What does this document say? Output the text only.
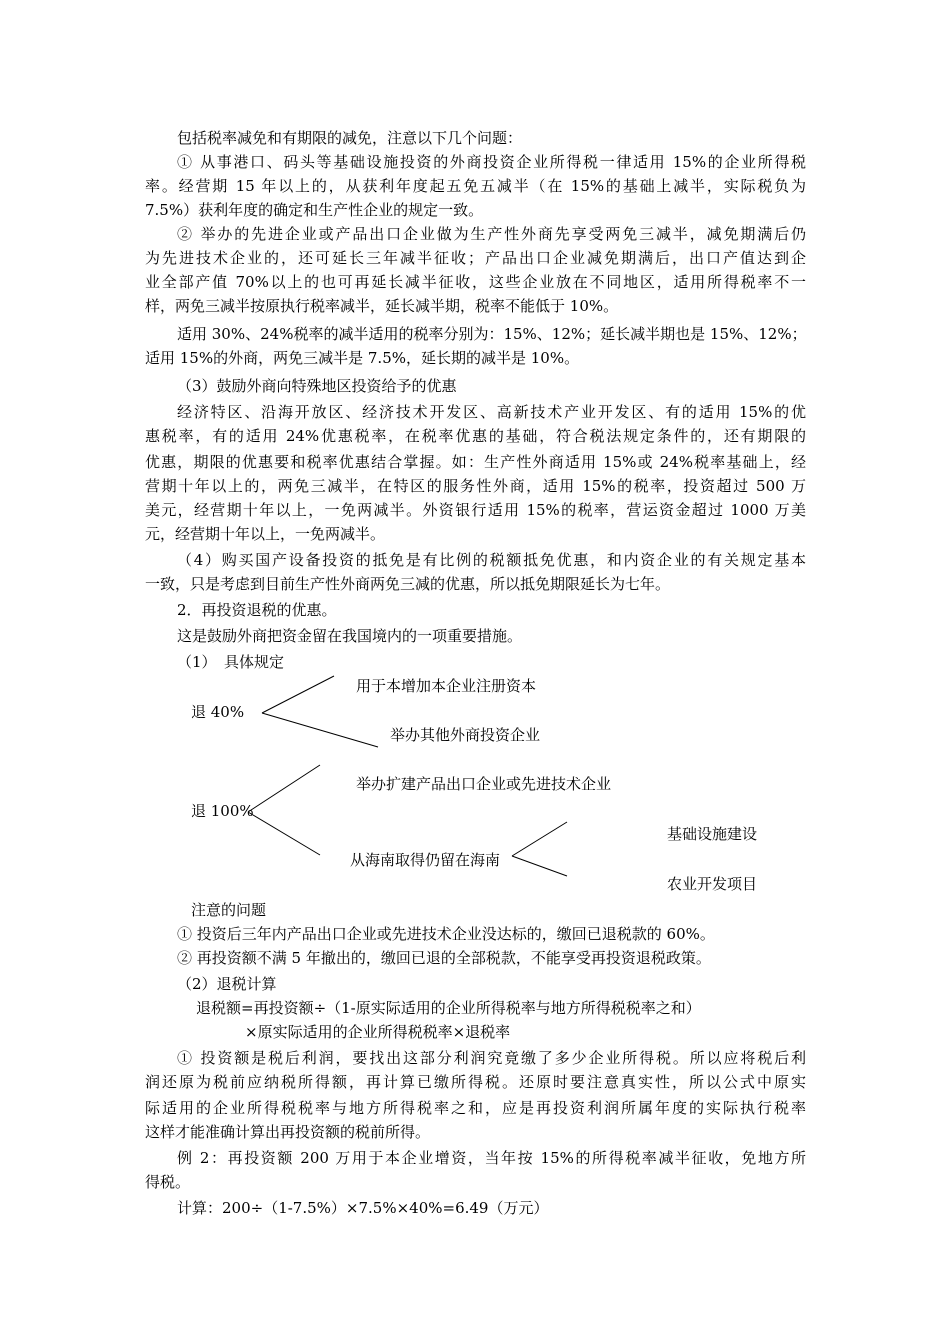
包括税率减免和有期限的减免，注意以下几个问题：
① 从事港口、码头等基础设施投资的外商投资企业所得税一律适用 15%的企业所得税
率。经营期 15 年以上的，从获利年度起五免五减半（在 15%的基础上减半，实际税负为
7.5%）获利年度的确定和生产性企业的规定一致。
② 举办的先进企业或产品出口企业做为生产性外商先享受两免三减半，减免期满后仍
为先进技术企业的，还可延长三年减半征收；产品出口企业减免期满后，出口产值达到企
业全部产值 70%以上的也可再延长减半征收，这些企业放在不同地区，适用所得税率不一
样，两免三减半按原执行税率减半，延长减半期，税率不能低于 10%。
适用 30%、24%税率的减半适用的税率分别为：15%、12%；延长减半期也是 15%、12%；
适用 15%的外商，两免三减半是 7.5%，延长期的减半是 10%。
（3）鼓励外商向特殊地区投资给予的优惠
经济特区、沿海开放区、经济技术开发区、高新技术产业开发区、有的适用 15%的优
惠税率，有的适用 24%优惠税率，在税率优惠的基础，符合税法规定条件的，还有期限的
优惠，期限的优惠要和税率优惠结合掌握。如：生产性外商适用 15%或 24%税率基础上，经
营期十年以上的，两免三减半，在特区的服务性外商，适用 15%的税率，投资超过 500 万
美元，经营期十年以上，一免两减半。外资银行适用 15%的税率，营运资金超过 1000 万美
元，经营期十年以上，一免两减半。
（4）购买国产设备投资的抵免是有比例的税额抵免优惠，和内资企业的有关规定基本
一致，只是考虑到目前生产性外商两免三减的优惠，所以抵免期限延长为七年。
2．再投资退税的优惠。
这是鼓励外商把资金留在我国境内的一项重要措施。
（1）　具体规定
退 40%
用于本增加本企业注册资本
举办其他外商投资企业
退 100%
举办扩建产品出口企业或先进技术企业
从海南取得仍留在海南
基础设施建设
农业开发项目
注意的问题
① 投资后三年内产品出口企业或先进技术企业没达标的，缴回已退税款的 60%。
② 再投资额不满 5 年撤出的，缴回已退的全部税款，不能享受再投资退税政策。
（2）退税计算
退税额=再投资额÷（1-原实际适用的企业所得税率与地方所得税税率之和）
×原实际适用的企业所得税税率×退税率
① 投资额是税后利润，要找出这部分利润究竟缴了多少企业所得税。所以应将税后利
润还原为税前应纳税所得额，再计算已缴所得税。还原时要注意真实性，所以公式中原实
际适用的企业所得税税率与地方所得税率之和，应是再投资利润所属年度的实际执行税率
这样才能准确计算出再投资额的税前所得。
例 2：再投资额 200 万用于本企业增资，当年按 15%的所得税率减半征收，免地方所
得税。
计算：200÷（1-7.5%）×7.5%×40%=6.49（万元）
